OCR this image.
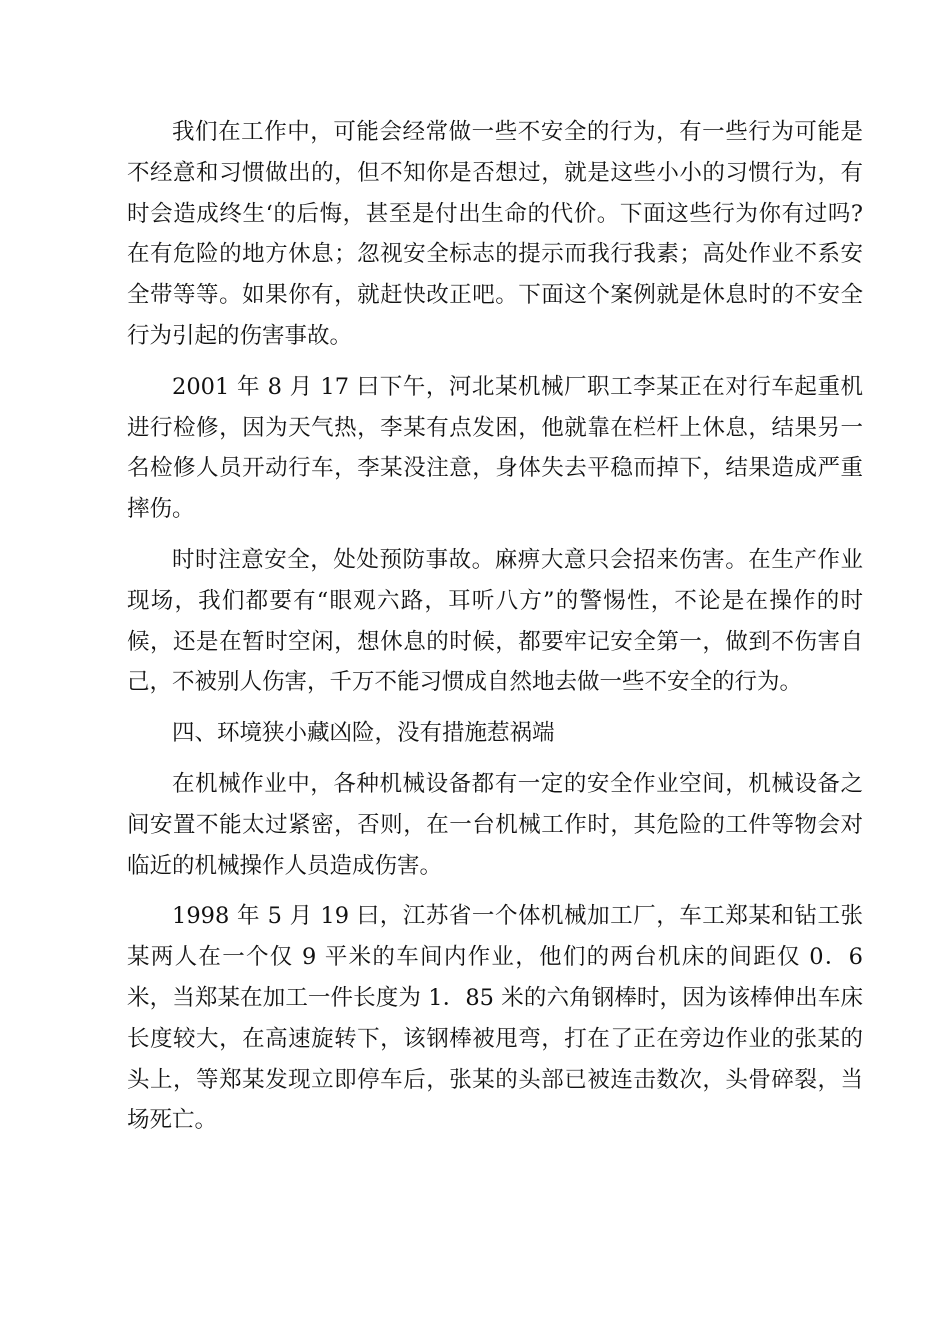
我们在工作中，可能会经常做一些不安全的行为，有一些行为可能是不经意和习惯做出的，但不知你是否想过，就是这些小小的习惯行为，有时会造成终生‘的后悔，甚至是付出生命的代价。下面这些行为你有过吗?在有危险的地方休息；忽视安全标志的提示而我行我素；高处作业不系安全带等等。如果你有，就赶快改正吧。下面这个案例就是休息时的不安全行为引起的伤害事故。

2001 年 8 月 17 曰下午，河北某机械厂职工李某正在对行车起重机进行检修，因为天气热，李某有点发困，他就靠在栏杆上休息，结果另一名检修人员开动行车，李某没注意，身体失去平稳而掉下，结果造成严重摔伤。

时时注意安全，处处预防事故。麻痹大意只会招来伤害。在生产作业现场，我们都要有“眼观六路，耳听八方”的警惕性，不论是在操作的时候，还是在暂时空闲，想休息的时候，都要牢记安全第一，做到不伤害自己，不被别人伤害，千万不能习惯成自然地去做一些不安全的行为。

四、环境狭小藏凶险，没有措施惹祸端

在机械作业中，各种机械设备都有一定的安全作业空间，机械设备之间安置不能太过紧密，否则，在一台机械工作时，其危险的工件等物会对临近的机械操作人员造成伤害。

1998 年 5 月 19 曰，江苏省一个体机械加工厂，车工郑某和钻工张某两人在一个仅 9 平米的车间内作业，他们的两台机床的间距仅 0．6 米，当郑某在加工一件长度为 1．85 米的六角钢棒时，因为该棒伸出车床长度较大，在高速旋转下，该钢棒被甩弯，打在了正在旁边作业的张某的头上，等郑某发现立即停车后，张某的头部已被连击数次，头骨碎裂，当场死亡。
